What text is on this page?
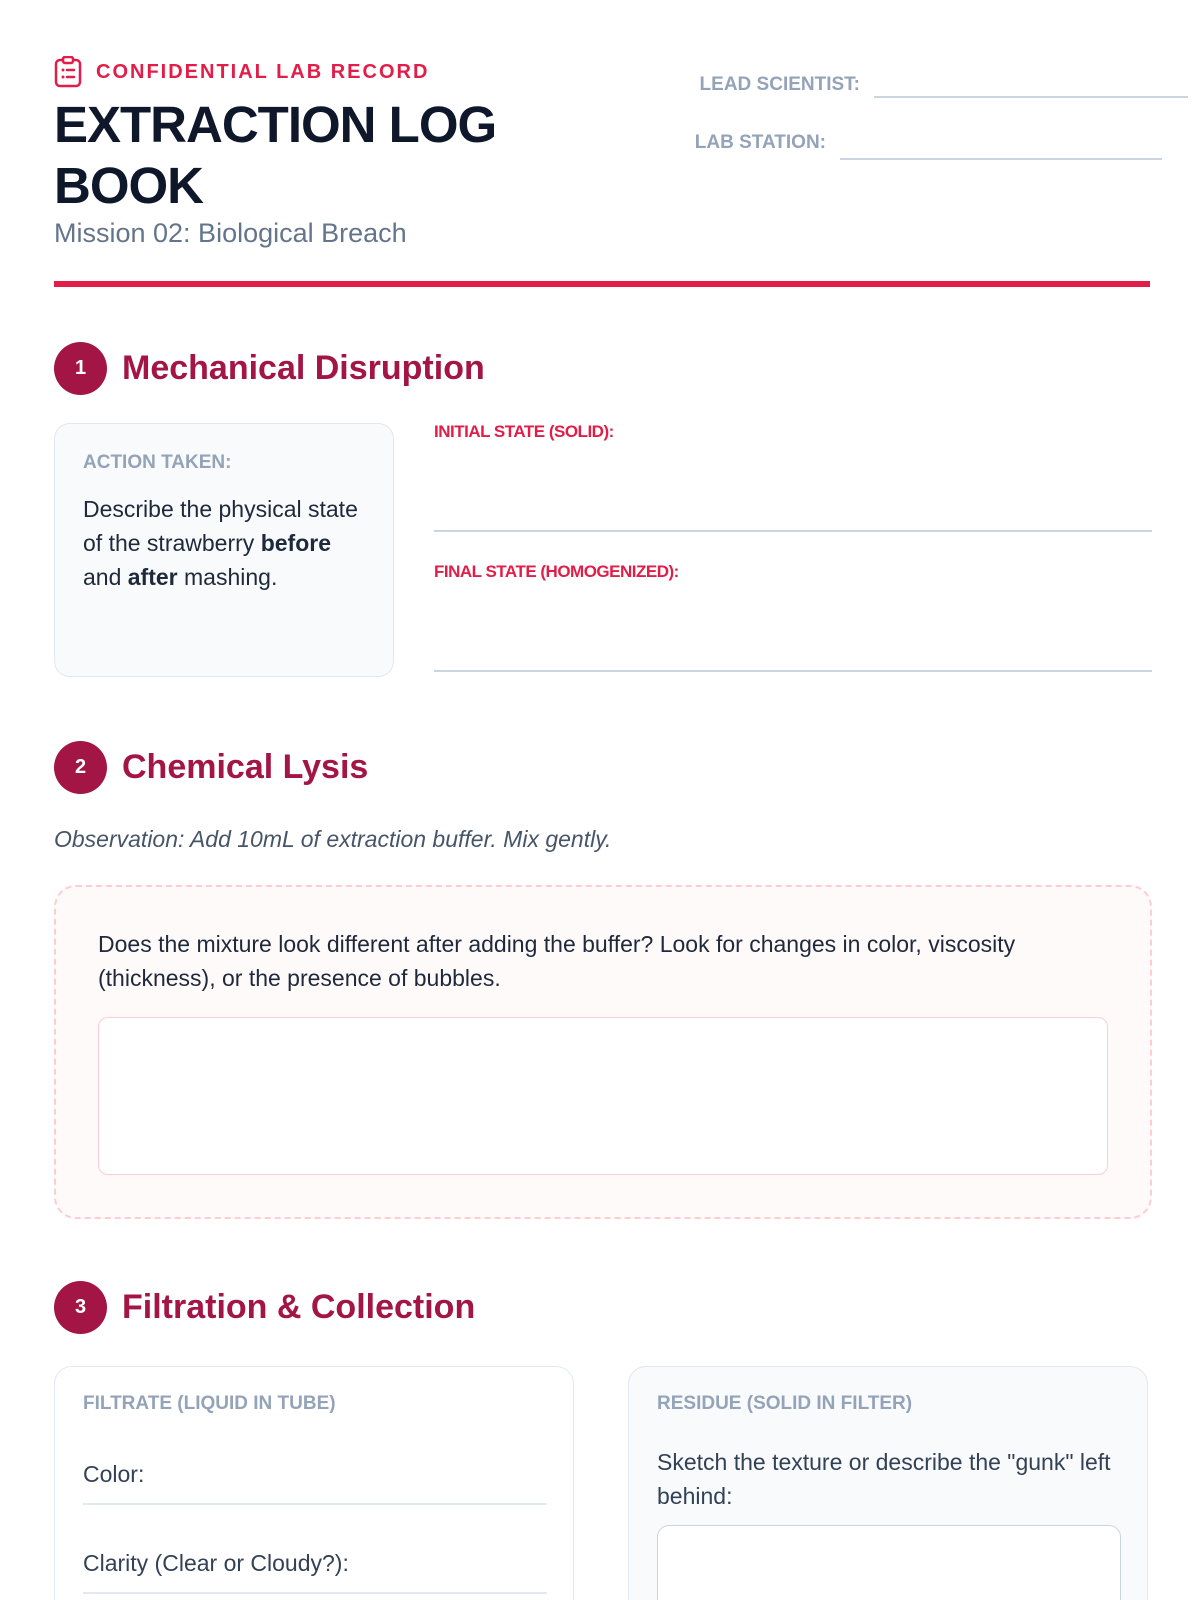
CONFIDENTIAL LAB RECORD
EXTRACTION LOG BOOK
Mission 02: Biological Breach
LEAD SCIENTIST:
LAB STATION:
1	Mechanical Disruption
ACTION TAKEN:
Describe the physical state of the strawberry before and after mashing.
INITIAL STATE (SOLID):
FINAL STATE (HOMOGENIZED):
2	Chemical Lysis
Observation: Add 10mL of extraction buffer. Mix gently.
Does the mixture look different after adding the buffer? Look for changes in color, viscosity (thickness), or the presence of bubbles.
3	Filtration & Collection
FILTRATE (LIQUID IN TUBE)
Color:
Clarity (Clear or Cloudy?):
RESIDUE (SOLID IN FILTER)
Sketch the texture or describe the "gunk" left behind:
